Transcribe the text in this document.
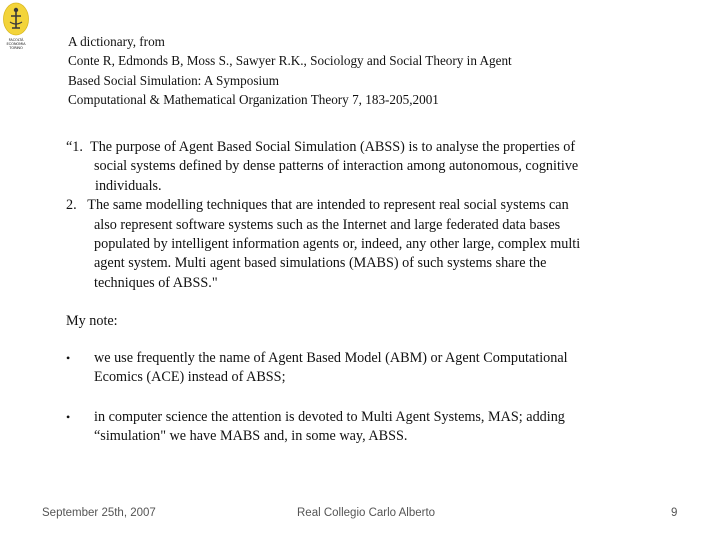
FACOLTÀ
ECONOMIA
TORINO	A dictionary, from
Conte R, Edmonds B, Moss S., Sawyer R.K., Sociology and Social Theory in Agent
Based Social Simulation: A Symposium
Computational & Mathematical Organization Theory 7, 183-205,2001
“1. The purpose of Agent Based Social Simulation (ABSS) is to analyse the properties of
social systems defined by dense patterns of interaction among autonomous, cognitive
individuals.
2. The same modelling techniques that are intended to represent real social systems can
also represent software systems such as the Internet and large federated data bases
populated by intelligent information agents or, indeed, any other large, complex multi
agent system. Multi agent based simulations (MABS) of such systems share the
techniques of ABSS."
My note:
•	we use frequently the name of Agent Based Model (ABM) or Agent Computational
Ecomics (ACE) instead of ABSS;
•	in computer science the attention is devoted to Multi Agent Systems, MAS; adding
“simulation" we have MABS and, in some way, ABSS.
September 25th, 2007	Real Collegio Carlo Alberto	9
